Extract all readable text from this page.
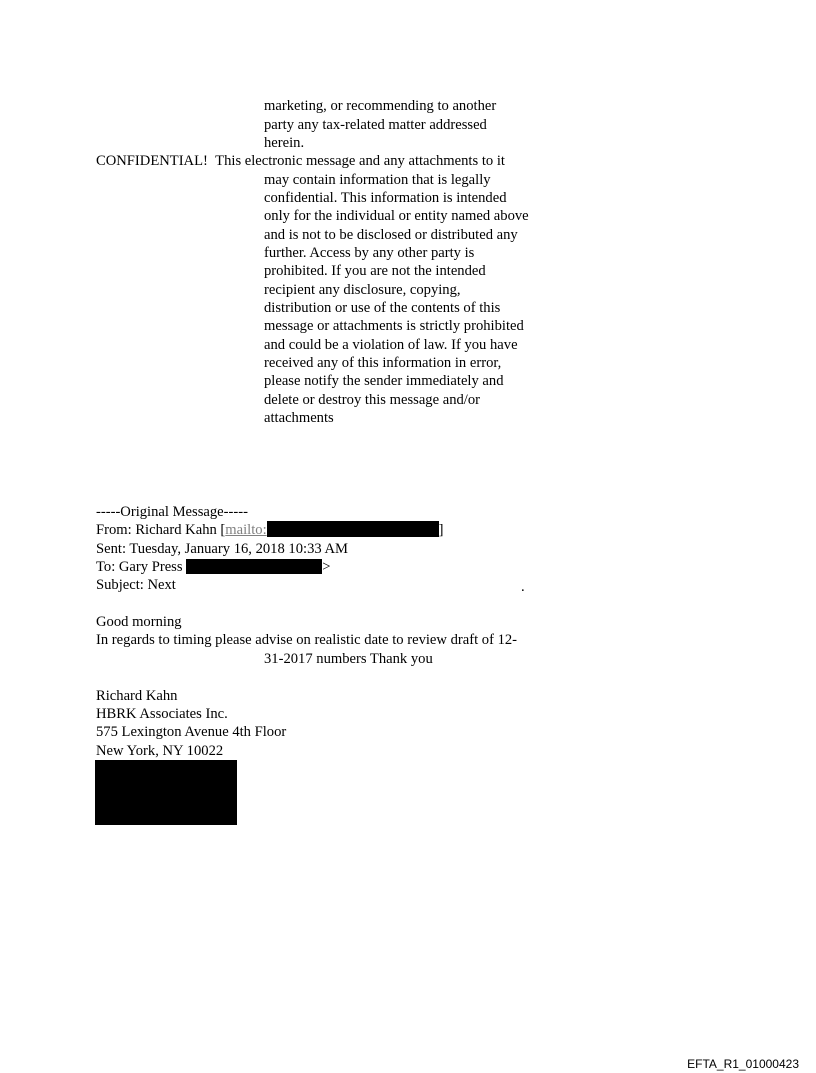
marketing, or recommending to another
party any tax-related matter addressed
herein.
CONFIDENTIAL! This electronic message and any attachments to it
may contain information that is legally
confidential. This information is intended
only for the individual or entity named above
and is not to be disclosed or distributed any
further. Access by any other party is
prohibited. If you are not the intended
recipient any disclosure, copying,
distribution or use of the contents of this
message or attachments is strictly prohibited
and could be a violation of law. If you have
received any of this information in error,
please notify the sender immediately and
delete or destroy this message and/or
attachments
-----Original Message-----
From: Richard Kahn [mailto:	]
Sent: Tuesday, January 16, 2018 10:33 AM
To: Gary Press	>
Subject: Next	.
Good morning
In regards to timing please advise on realistic date to review draft of 12-
31-2017 numbers Thank you
Richard Kahn
HBRK Associates Inc.
575 Lexington Avenue 4th Floor
New York, NY 10022
EFTA_R1_01000423
